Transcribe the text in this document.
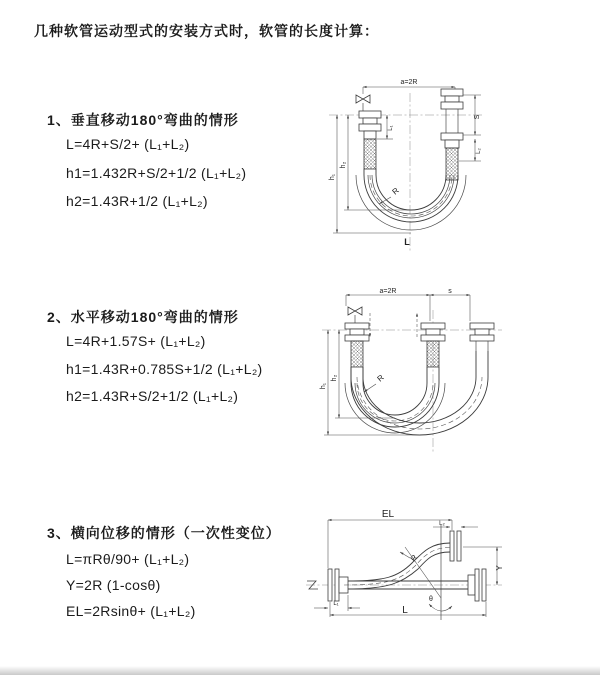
几种软管运动型式的安装方式时，软管的长度计算：
1、垂直移动180°弯曲的情形
L=4R+S/2+ (L₁+L₂)
h1=1.432R+S/2+1/2 (L₁+L₂)
h2=1.43R+1/2 (L₁+L₂)
2、水平移动180°弯曲的情形
L=4R+1.57S+ (L₁+L₂)
h1=1.43R+0.785S+1/2 (L₁+L₂)
h2=1.43R+S/2+1/2 (L₁+L₂)
3、横向位移的情形（一次性变位）
L=πRθ/90+ (L₁+L₂)
Y=2R (1-cosθ)
EL=2Rsinθ+ (L₁+L₂)
a=2R
R
h₁
h₂
S
L₂
L₁
L
a=2R	s
R
h₁
h₂
EL
L₂
R
θ
Y
L
L₁
